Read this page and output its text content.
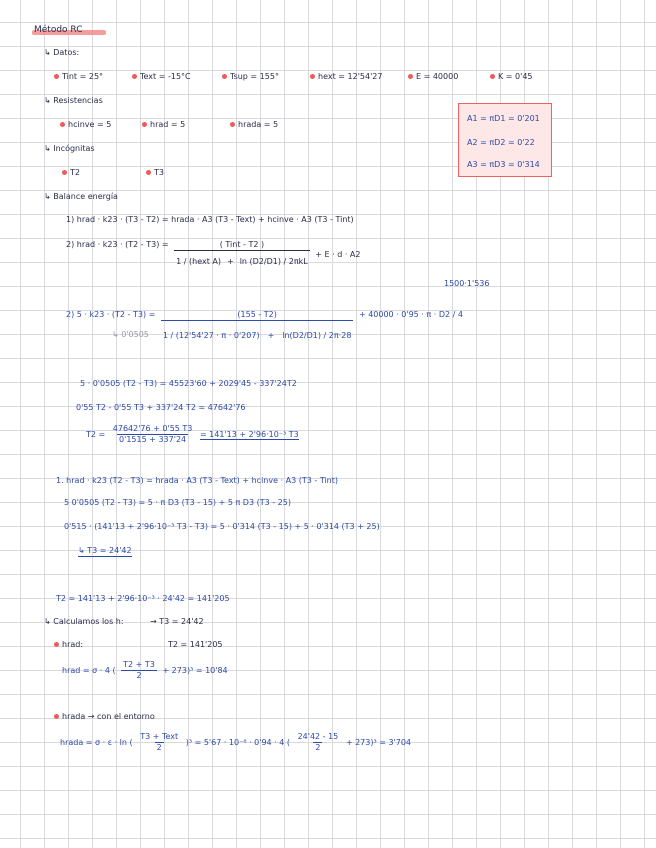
Método RC
↳ Datos:
Tint = 25°	Text = -15°C	Tsup = 155°	hext = 12'54'27	E = 40000	K = 0'45
↳ Resistencias
hcinve = 5	hrad = 5	hrada = 5
A1 = πD1 = 0'201
A2 = πD2 = 0'22
A3 = πD3 = 0'314
↳ Incógnitas
T2	T3
↳ Balance energía
1) hrad · k23 · (T3 - T2) = hrada · A3 (T3 - Text) + hcinve · A3 (T3 - Tint)
2) hrad · $k23 \cdot (T2 - T3) = \frac{\text{( Tint - T2 )}}{\text{1 / (hext A) + ln (D2/D1) / 2πkL}} + E \cdot d \cdot A2$
1500·1'536
2) $5 \cdot k23 \cdot (T2 - T3) = \frac{(155 - T2)}{1 / (12'54'27 \cdot \pi \cdot 0'207) + \ln(D2/D1) / 2\pi\cdot 28} + 40000 \cdot 0'95 \cdot \pi \cdot D2 / 4$
↳ 0'0505
5 · 0'0505 (T2 - T3) = 45523'60 + 2029'45 - 337'24T2
0'55 T2 - 0'55 T3 + 337'24 T2 = 47642'76
$T2 = \frac{47642'76 + 0'55 T3}{0'1515 + 337'24} = 141'13 + 2'96\cdot 10^{-3}$ T3
1. hrad · k23 (T2 - T3) = hrada · A3 (T3 - Text) + hcinve · A3 (T3 - Tint)
5 0'0505 (T2 - T3) = 5 · π D3 (T3 - 15) + 5 π D3 (T3 - 25)
0'515 · (141'13 + 2'96·10⁻³ T3 - T3) = 5 · 0'314 (T3 - 15) + 5 · 0'314 (T3 + 25)
↳ T3 = 24'42
T2 = 141'13 + 2'96·10⁻³ · 24'42 = 141'205
↳ Calculamos los h:	→ T3 = 24'42
T2 = 141'205
hrad:
hrad = σ · 4 ( $\frac{T2 + T3}{2} + 273)^3 = 10'84$
hrada → con el entorno
hrada = σ · ε · ln ( $\frac{\text{T3 + Text}}{2} )^3 = 5'67 \cdot 10^{-8} \cdot 0'94 \cdot 4$ ( $\frac{24'42 - 15}{2} + 273)^3 = 3'704$
